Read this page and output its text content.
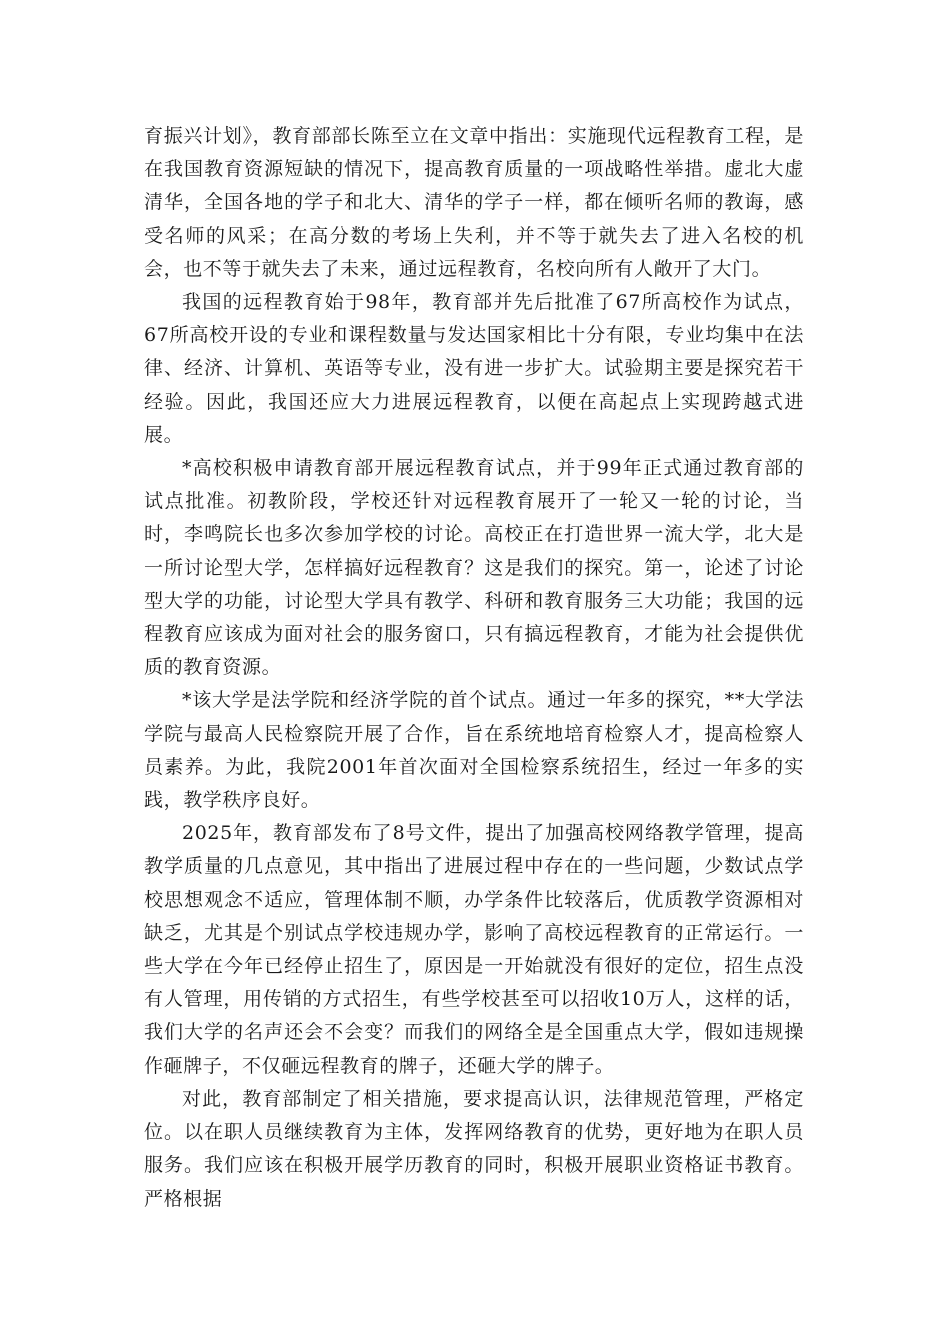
育振兴计划》，教育部部长陈至立在文章中指出：实施现代远程教育工程，是在我国教育资源短缺的情况下，提高教育质量的一项战略性举措。虚北大虚清华，全国各地的学子和北大、清华的学子一样，都在倾听名师的教诲，感受名师的风采；在高分数的考场上失利，并不等于就失去了进入名校的机会，也不等于就失去了未来，通过远程教育，名校向所有人敞开了大门。

我国的远程教育始于98年，教育部并先后批准了67所高校作为试点，67所高校开设的专业和课程数量与发达国家相比十分有限，专业均集中在法律、经济、计算机、英语等专业，没有进一步扩大。试验期主要是探究若干经验。因此，我国还应大力进展远程教育，以便在高起点上实现跨越式进展。

*高校积极申请教育部开展远程教育试点，并于99年正式通过教育部的试点批准。初教阶段，学校还针对远程教育展开了一轮又一轮的讨论，当时，李鸣院长也多次参加学校的讨论。高校正在打造世界一流大学，北大是一所讨论型大学，怎样搞好远程教育？这是我们的探究。第一，论述了讨论型大学的功能，讨论型大学具有教学、科研和教育服务三大功能；我国的远程教育应该成为面对社会的服务窗口，只有搞远程教育，才能为社会提供优质的教育资源。

*该大学是法学院和经济学院的首个试点。通过一年多的探究，**大学法学院与最高人民检察院开展了合作，旨在系统地培育检察人才，提高检察人员素养。为此，我院2001年首次面对全国检察系统招生，经过一年多的实践，教学秩序良好。

2025年，教育部发布了8号文件，提出了加强高校网络教学管理，提高教学质量的几点意见，其中指出了进展过程中存在的一些问题，少数试点学校思想观念不适应，管理体制不顺，办学条件比较落后，优质教学资源相对缺乏，尤其是个别试点学校违规办学，影响了高校远程教育的正常运行。一些大学在今年已经停止招生了，原因是一开始就没有很好的定位，招生点没有人管理，用传销的方式招生，有些学校甚至可以招收10万人，这样的话，我们大学的名声还会不会变？而我们的网络全是全国重点大学，假如违规操作砸牌子，不仅砸远程教育的牌子，还砸大学的牌子。

对此，教育部制定了相关措施，要求提高认识，法律规范管理，严格定位。以在职人员继续教育为主体，发挥网络教育的优势，更好地为在职人员服务。我们应该在积极开展学历教育的同时，积极开展职业资格证书教育。严格根据
